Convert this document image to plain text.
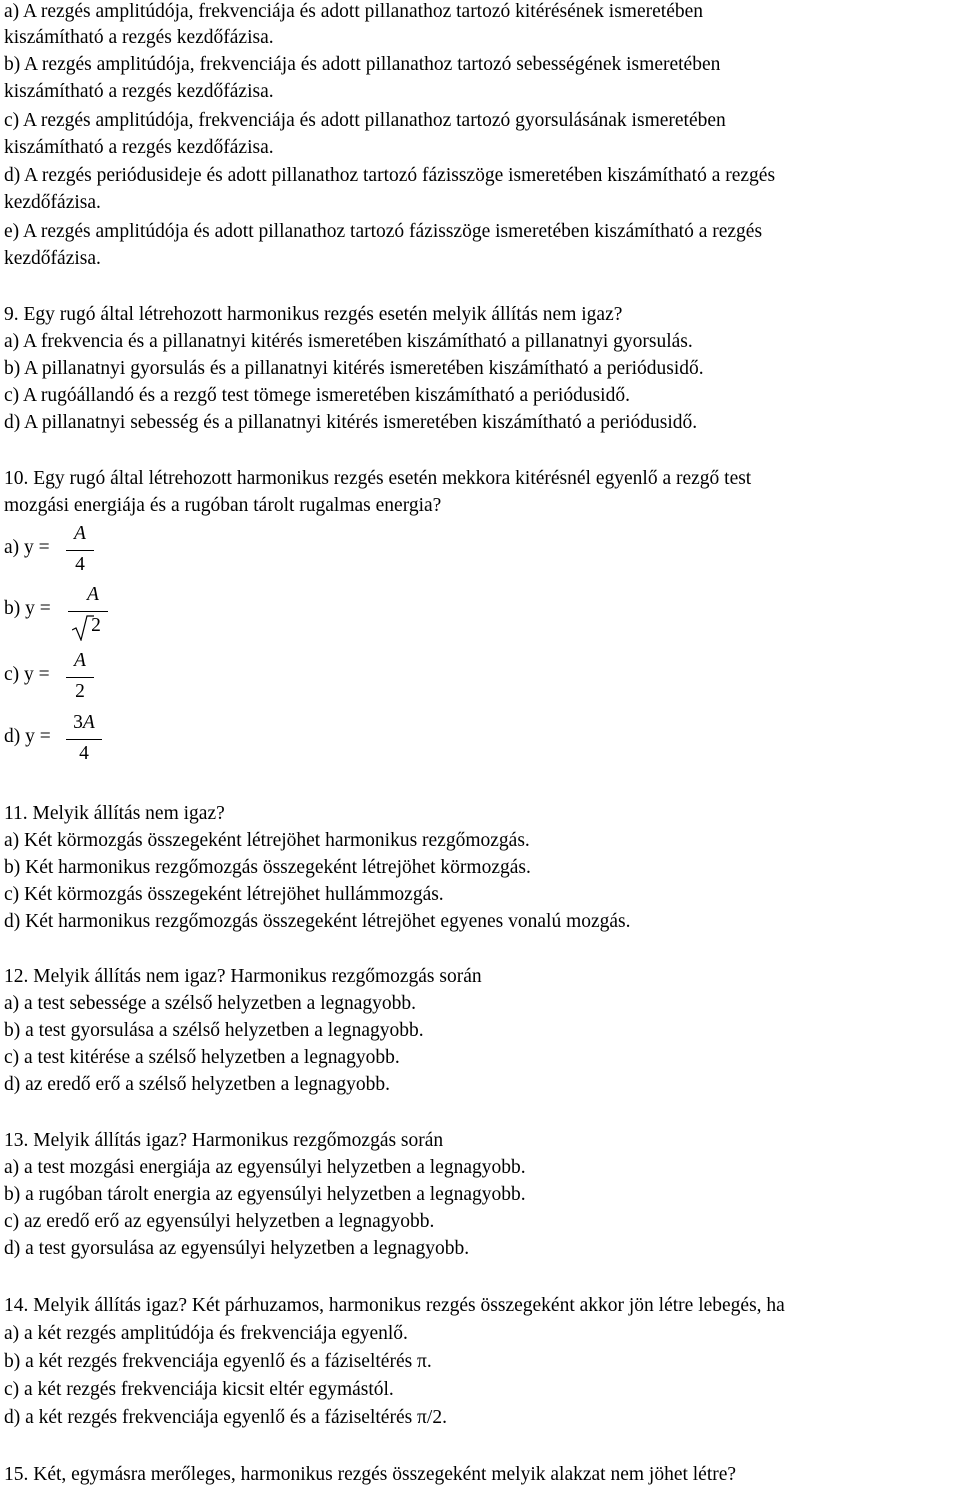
a) A rezgés amplitúdója, frekvenciája és adott pillanathoz tartozó kitérésének ismeretében
kiszámítható a rezgés kezdőfázisa.
b) A rezgés amplitúdója, frekvenciája és adott pillanathoz tartozó sebességének ismeretében
kiszámítható a rezgés kezdőfázisa.
c) A rezgés amplitúdója, frekvenciája és adott pillanathoz tartozó gyorsulásának ismeretében
kiszámítható a rezgés kezdőfázisa.
d) A rezgés periódusideje és adott pillanathoz tartozó fázisszöge ismeretében kiszámítható a rezgés
kezdőfázisa.
e) A rezgés amplitúdója és adott pillanathoz tartozó fázisszöge ismeretében kiszámítható a rezgés
kezdőfázisa.
9. Egy rugó által létrehozott harmonikus rezgés esetén melyik állítás nem igaz?
a) A frekvencia és a pillanatnyi kitérés ismeretében kiszámítható a pillanatnyi gyorsulás.
b) A pillanatnyi gyorsulás és a pillanatnyi kitérés ismeretében kiszámítható a periódusidő.
c) A rugóállandó és a rezgő test tömege ismeretében kiszámítható a periódusidő.
d) A pillanatnyi sebesség és a pillanatnyi kitérés ismeretében kiszámítható a periódusidő.
10. Egy rugó által létrehozott harmonikus rezgés esetén mekkora kitérésnél egyenlő a rezgő test
mozgási energiája és a rugóban tárolt rugalmas energia?
a) y =
A
4
b) y =
A
2
c) y =
A
2
d) y =
3A
4
11. Melyik állítás nem igaz?
a) Két körmozgás összegeként létrejöhet harmonikus rezgőmozgás.
b) Két harmonikus rezgőmozgás összegeként létrejöhet körmozgás.
c) Két körmozgás összegeként létrejöhet hullámmozgás.
d) Két harmonikus rezgőmozgás összegeként létrejöhet egyenes vonalú mozgás.
12. Melyik állítás nem igaz? Harmonikus rezgőmozgás során
a) a test sebessége a szélső helyzetben a legnagyobb.
b) a test gyorsulása a szélső helyzetben a legnagyobb.
c) a test kitérése a szélső helyzetben a legnagyobb.
d) az eredő erő a szélső helyzetben a legnagyobb.
13. Melyik állítás igaz? Harmonikus rezgőmozgás során
a) a test mozgási energiája az egyensúlyi helyzetben a legnagyobb.
b) a rugóban tárolt energia az egyensúlyi helyzetben a legnagyobb.
c) az eredő erő az egyensúlyi helyzetben a legnagyobb.
d) a test gyorsulása az egyensúlyi helyzetben a legnagyobb.
14. Melyik állítás igaz? Két párhuzamos, harmonikus rezgés összegeként akkor jön létre lebegés, ha
a) a két rezgés amplitúdója és frekvenciája egyenlő.
b) a két rezgés frekvenciája egyenlő és a fáziseltérés π.
c) a két rezgés frekvenciája kicsit eltér egymástól.
d) a két rezgés frekvenciája egyenlő és a fáziseltérés π/2.
15. Két, egymásra merőleges, harmonikus rezgés összegeként melyik alakzat nem jöhet létre?
